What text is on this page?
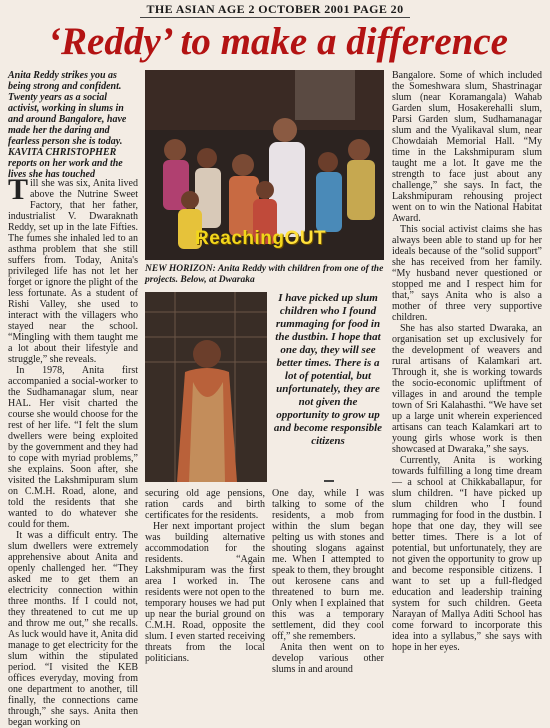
THE ASIAN AGE 2 OCTOBER 2001 PAGE 20
‘Reddy’ to make a difference
Anita Reddy strikes you as being strong and confident. Twenty years as a social activist, working in slums in and around Bangalore, have made her the daring and fearless person she is today. KAVITA CHRISTOPHER reports on her work and the lives she has touched

Till she was six, Anita lived above the Nutrine Sweet Factory, that her father, industrialist V. Dwaraknath Reddy, set up in the late Fifties. The fumes she inhaled led to an asthma problem that she still suffers from. Today, Anita's privileged life has not let her forget or ignore the plight of the less fortunate. As a student of Rishi Valley, she used to interact with the villagers who stayed near the school. “Mingling with them taught me a lot about their lifestyle and struggle,” she reveals.

In 1978, Anita first accompanied a social-worker to the Sudhamanagar slum, near HAL. Her visit charted the course she would choose for the rest of her life. “I felt the slum dwellers were being exploited by the government and they had to cope with myriad problems,” she explains. Soon after, she visited the Lakshmipuram slum on C.M.H. Road, alone, and told the residents that she wanted to do whatever she could for them.

It was a difficult entry. The slum dwellers were extremely apprehensive about Anita and openly challenged her. “They asked me to get them an electricity connection within three months. If I could not, they threatened to cut me up and throw me out,” she recalls. As luck would have it, Anita did manage to get electricity for the slum within the stipulated period. “I visited the KEB offices everyday, moving from one department to another, till finally, the connections came through,” she says. Anita then began working on

ReachingOUT
NEW HORIZON: Anita Reddy with children from one of the projects. Below, at Dwaraka
I have picked up slum children who I found rummaging for food in the dustbin. I hope that one day, they will see better times. There is a lot of potential, but unfortunately, they are not given the opportunity to grow up and become responsible citizens

securing old age pensions, ration cards and birth certificates for the residents.

Her next important project was building alternative accommodation for the residents. “Again Lakshmipuram was the first area I worked in. The residents were not open to the temporary houses we had put up near the burial ground on C.M.H. Road, opposite the slum. I even started receiving threats from the local politicians.

One day, while I was talking to some of the residents, a mob from within the slum began pelting us with stones and shouting slogans against me. When I attempted to speak to them, they brought out kerosene cans and threatened to burn me. Only when I explained that this was a temporary settlement, did they cool off,” she remembers.

Anita then went on to develop various other slums in and around

Bangalore. Some of which included the Someshwara slum, Shastrinagar slum (near Koramangala) Wahab Garden slum, Hosakerehalli slum, Parsi Garden slum, Sudhamanagar slum and the Vyalikaval slum, near Chowdaiah Memorial Hall. “My time in the Lakshmipuram slum taught me a lot. It gave me the strength to face just about any challenge,” she says. In fact, the Lakshmipuram rehousing project went on to win the National Habitat Award.

This social activist claims she has always been able to stand up for her ideals because of the “solid support” she has received from her family. “My husband never questioned or stopped me and I respect him for that,” says Anita who is also a mother of three very supportive children.

She has also started Dwaraka, an organisation set up exclusively for the development of weavers and rural artisans of Kalamkari art. Through it, she is working towards the socio-economic upliftment of villages in and around the temple town of Sri Kalahasthi. “We have set up a large unit wherein experienced artisans can teach Kalamkari art to young girls whose work is then showcased at Dwaraka,” she says.

Currently, Anita is working towards fulfilling a long time dream — a school at Chikkaballapur, for slum children. “I have picked up slum children who I found rummaging for food in the dustbin. I hope that one day, they will see better times. There is a lot of potential, but unfortunately, they are not given the opportunity to grow up and become responsible citizens. I want to set up a full-fledged education and leadership training system for such children. Geeta Narayan of Mallya Aditi School has come forward to incorporate this idea into a syllabus,” she says with hope in her eyes.
